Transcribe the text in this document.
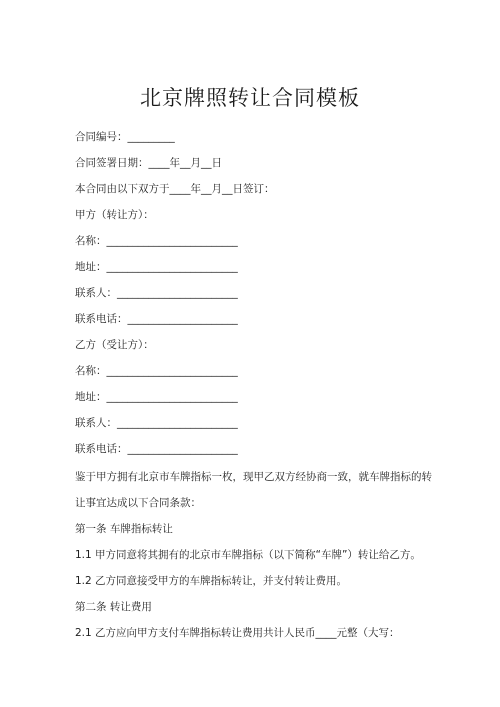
北京牌照转让合同模板
合同编号：_________
合同签署日期：____年__月__日
本合同由以下双方于____年__月__日签订：
甲方（转让方）：
名称：_________________________
地址：_________________________
联系人：_______________________
联系电话：_____________________
乙方（受让方）：
名称：_________________________
地址：_________________________
联系人：_______________________
联系电话：_____________________
鉴于甲方拥有北京市车牌指标一枚，现甲乙双方经协商一致，就车牌指标的转
让事宜达成以下合同条款：
第一条 车牌指标转让
1.1 甲方同意将其拥有的北京市车牌指标（以下简称“车牌”）转让给乙方。
1.2 乙方同意接受甲方的车牌指标转让，并支付转让费用。
第二条 转让费用
2.1 乙方应向甲方支付车牌指标转让费用共计人民币____元整（大写：
